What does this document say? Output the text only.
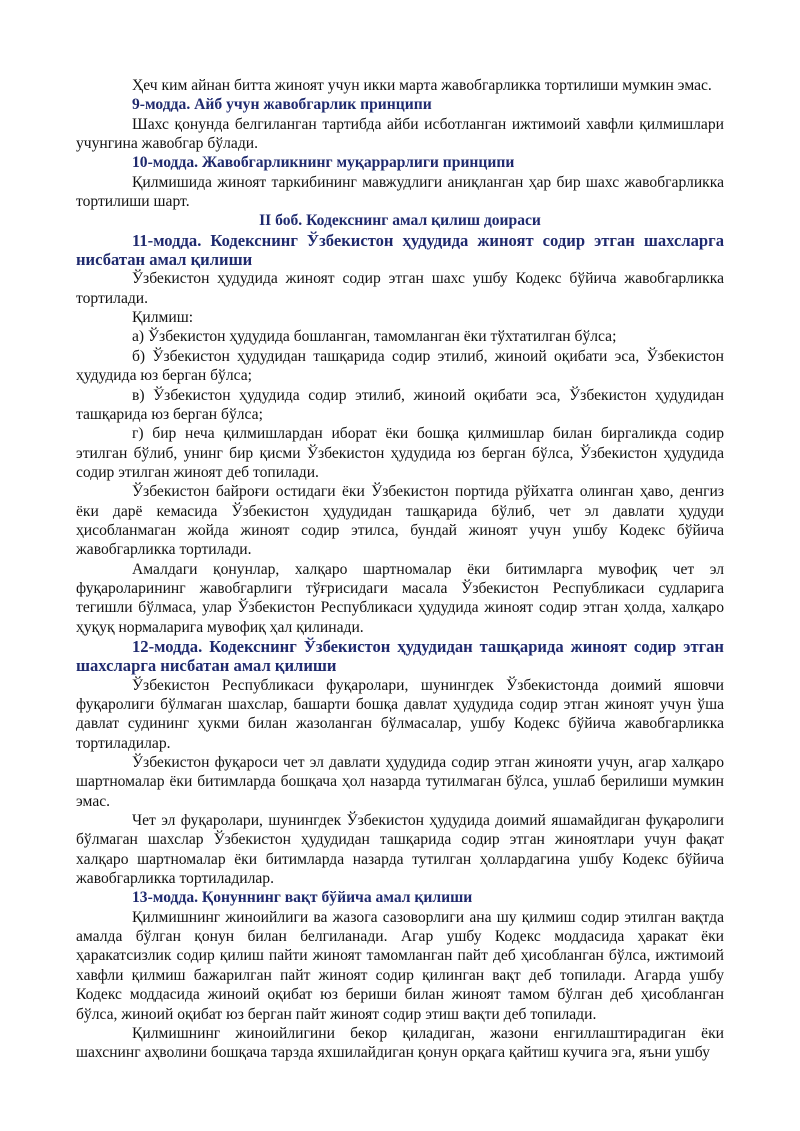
Ҳеч ким айнан битта жиноят учун икки марта жавобгарликка тортилиши мумкин эмас.

9-модда. Айб учун жавобгарлик принципи

Шахс қонунда белгиланган тартибда айби исботланган ижтимоий хавфли қилмишлари учунгина жавобгар бўлади.

10-модда. Жавобгарликнинг муқаррарлиги принципи

Қилмишида жиноят таркибининг мавжудлиги аниқланган ҳар бир шахс жавобгарликка тортилиши шарт.

II боб. Кодекснинг амал қилиш доираси
11-модда. Кодекснинг Ўзбекистон ҳудудида жиноят содир этган шахсларга нисбатан амал қилиши

Ўзбекистон ҳудудида жиноят содир этган шахс ушбу Кодекс бўйича жавобгарликка тортилади.

Қилмиш:

а) Ўзбекистон ҳудудида бошланган, тамомланган ёки тўхтатилган бўлса;

б) Ўзбекистон ҳудудидан ташқарида содир этилиб, жиноий оқибати эса, Ўзбекистон ҳудудида юз берган бўлса;

в) Ўзбекистон ҳудудида содир этилиб, жиноий оқибати эса, Ўзбекистон ҳудудидан ташқарида юз берган бўлса;

г) бир неча қилмишлардан иборат ёки бошқа қилмишлар билан биргаликда содир этилган бўлиб, унинг бир қисми Ўзбекистон ҳудудида юз берган бўлса, Ўзбекистон ҳудудида содир этилган жиноят деб топилади.

Ўзбекистон байроғи остидаги ёки Ўзбекистон портида рўйхатга олинган ҳаво, денгиз ёки дарё кемасида Ўзбекистон ҳудудидан ташқарида бўлиб, чет эл давлати ҳудуди ҳисобланмаган жойда жиноят содир этилса, бундай жиноят учун ушбу Кодекс бўйича жавобгарликка тортилади.

Амалдаги қонунлар, халқаро шартномалар ёки битимларга мувофиқ чет эл фуқароларининг жавобгарлиги тўғрисидаги масала Ўзбекистон Республикаси судларига тегишли бўлмаса, улар Ўзбекистон Республикаси ҳудудида жиноят содир этган ҳолда, халқаро ҳуқуқ нормаларига мувофиқ ҳал қилинади.

12-модда. Кодекснинг Ўзбекистон ҳудудидан ташқарида жиноят содир этган шахсларга нисбатан амал қилиши

Ўзбекистон Республикаси фуқаролари, шунингдек Ўзбекистонда доимий яшовчи фуқаролиги бўлмаган шахслар, башарти бошқа давлат ҳудудида содир этган жиноят учун ўша давлат судининг ҳукми билан жазоланган бўлмасалар, ушбу Кодекс бўйича жавобгарликка тортиладилар.

Ўзбекистон фуқароси чет эл давлати ҳудудида содир этган жинояти учун, агар халқаро шартномалар ёки битимларда бошқача ҳол назарда тутилмаган бўлса, ушлаб берилиши мумкин эмас.

Чет эл фуқаролари, шунингдек Ўзбекистон ҳудудида доимий яшамайдиган фуқаролиги бўлмаган шахслар Ўзбекистон ҳудудидан ташқарида содир этган жиноятлари учун фақат халқаро шартномалар ёки битимларда назарда тутилган ҳоллардагина ушбу Кодекс бўйича жавобгарликка тортиладилар.

13-модда. Қонуннинг вақт бўйича амал қилиши

Қилмишнинг жиноийлиги ва жазога сазоворлиги ана шу қилмиш содир этилган вақтда амалда бўлган қонун билан белгиланади. Агар ушбу Кодекс моддасида ҳаракат ёки ҳаракатсизлик содир қилиш пайти жиноят тамомланган пайт деб ҳисобланган бўлса, ижтимоий хавфли қилмиш бажарилган пайт жиноят содир қилинган вақт деб топилади. Агарда ушбу Кодекс моддасида жиноий оқибат юз бериши билан жиноят тамом бўлган деб ҳисобланган бўлса, жиноий оқибат юз берган пайт жиноят содир этиш вақти деб топилади.

Қилмишнинг жиноийлигини бекор қиладиган, жазони енгиллаштирадиган ёки шахснинг аҳволини бошқача тарзда яхшилайдиган қонун орқага қайтиш кучига эга, яъни ушбу
